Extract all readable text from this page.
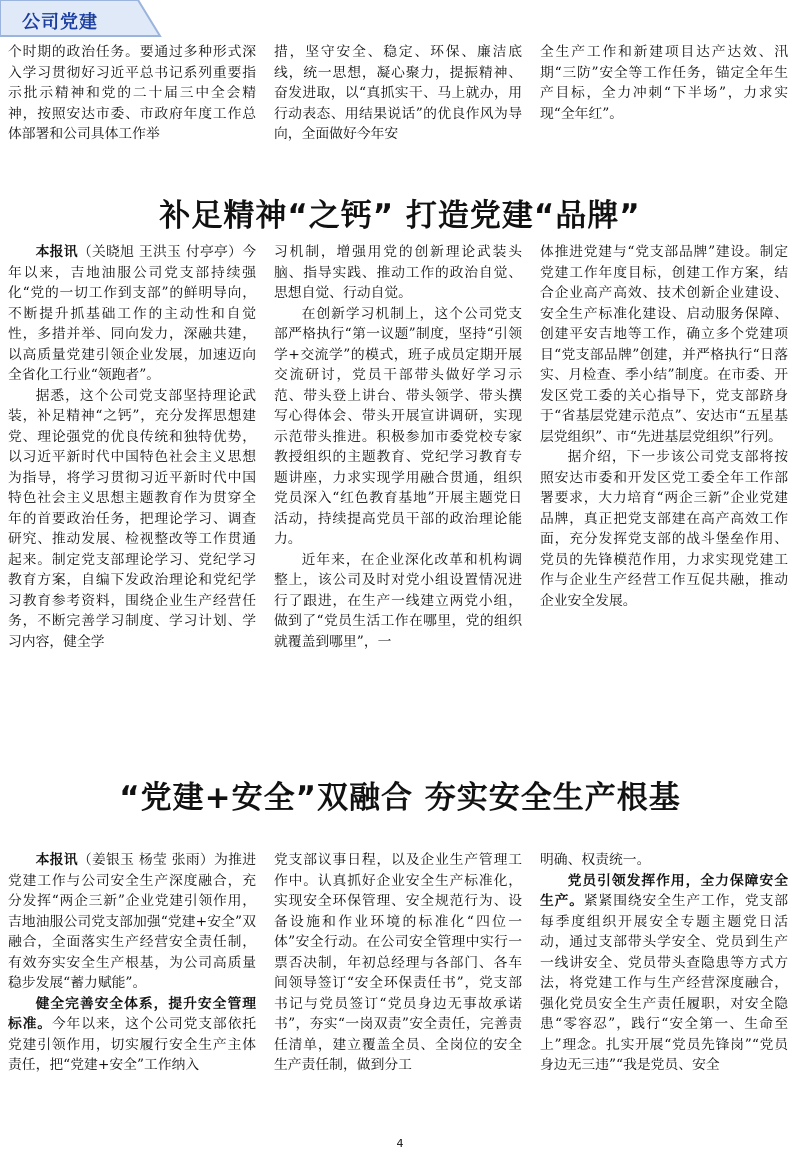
公司党建

个时期的政治任务。要通过多种形式深入学习贯彻好习近平总书记系列重要指示批示精神和党的二十届三中全会精神，按照安达市委、市政府年度工作总体部署和公司具体工作举

措，坚守安全、稳定、环保、廉洁底线，统一思想，凝心聚力，提振精神、奋发进取，以“真抓实干、马上就办，用行动表态、用结果说话”的优良作风为导向，全面做好今年安

全生产工作和新建项目达产达效、汛期“三防”安全等工作任务，锚定全年生产目标，全力冲刺“下半场”，力求实现“全年红”。

补足精神“之钙” 打造党建“品牌”

本报讯（关晓旭 王洪玉 付亭亭）今年以来，吉地油服公司党支部持续强化“党的一切工作到支部”的鲜明导向，不断提升抓基础工作的主动性和自觉性，多措并举、同向发力，深融共建，以高质量党建引领企业发展，加速迈向全省化工行业“领跑者”。

据悉，这个公司党支部坚持理论武装，补足精神“之钙”，充分发挥思想建党、理论强党的优良传统和独特优势，以习近平新时代中国特色社会主义思想为指导，将学习贯彻习近平新时代中国特色社会主义思想主题教育作为贯穿全年的首要政治任务，把理论学习、调查研究、推动发展、检视整改等工作贯通起来。制定党支部理论学习、党纪学习教育方案，自编下发政治理论和党纪学习教育参考资料，围绕企业生产经营任务，不断完善学习制度、学习计划、学习内容，健全学

习机制，增强用党的创新理论武装头脑、指导实践、推动工作的政治自觉、思想自觉、行动自觉。

在创新学习机制上，这个公司党支部严格执行“第一议题”制度，坚持“引领学+交流学”的模式，班子成员定期开展交流研讨，党员干部带头做好学习示范、带头登上讲台、带头领学、带头撰写心得体会、带头开展宣讲调研，实现示范带头推进。积极参加市委党校专家教授组织的主题教育、党纪学习教育专题讲座，力求实现学用融合贯通，组织党员深入“红色教育基地”开展主题党日活动，持续提高党员干部的政治理论能力。

近年来，在企业深化改革和机构调整上，该公司及时对党小组设置情况进行了跟进，在生产一线建立两党小组，做到了“党员生活工作在哪里，党的组织就覆盖到哪里”，一

体推进党建与“党支部品牌”建设。制定党建工作年度目标，创建工作方案，结合企业高产高效、技术创新企业建设、安全生产标准化建设、启动服务保障、创建平安吉地等工作，确立多个党建项目“党支部品牌”创建，并严格执行“日落实、月检查、季小结”制度。在市委、开发区党工委的关心指导下，党支部跻身于“省基层党建示范点”、安达市“五星基层党组织”、市“先进基层党组织”行列。

据介绍，下一步该公司党支部将按照安达市委和开发区党工委全年工作部署要求，大力培育“两企三新”企业党建品牌，真正把党支部建在高产高效工作面，充分发挥党支部的战斗堡垒作用、党员的先锋模范作用，力求实现党建工作与企业生产经营工作互促共融，推动企业安全发展。

“党建+安全”双融合 夯实安全生产根基

本报讯（姜银玉 杨莹 张雨）为推进党建工作与公司安全生产深度融合，充分发挥“两企三新”企业党建引领作用，吉地油服公司党支部加强“党建+安全”双融合，全面落实生产经营安全责任制，有效夯实安全生产根基，为公司高质量稳步发展“蓄力赋能”。

健全完善安全体系，提升安全管理标准。今年以来，这个公司党支部依托党建引领作用，切实履行安全生产主体责任，把“党建+安全”工作纳入

党支部议事日程，以及企业生产管理工作中。认真抓好企业安全生产标准化，实现安全环保管理、安全规范行为、设备设施和作业环境的标准化“四位一体”安全行动。在公司安全管理中实行一票否决制，年初总经理与各部门、各车间领导签订“安全环保责任书”，党支部书记与党员签订“党员身边无事故承诺书”，夯实“一岗双责”安全责任，完善责任清单，建立覆盖全员、全岗位的安全生产责任制，做到分工

明确、权责统一。

党员引领发挥作用，全力保障安全生产。紧紧围绕安全生产工作，党支部每季度组织开展安全专题主题党日活动，通过支部带头学安全、党员到生产一线讲安全、党员带头查隐患等方式方法，将党建工作与生产经营深度融合，强化党员安全生产责任履职，对安全隐患“零容忍”，践行“安全第一、生命至上”理念。扎实开展“党员先锋岗”“党员身边无三违”“我是党员、安全

4
